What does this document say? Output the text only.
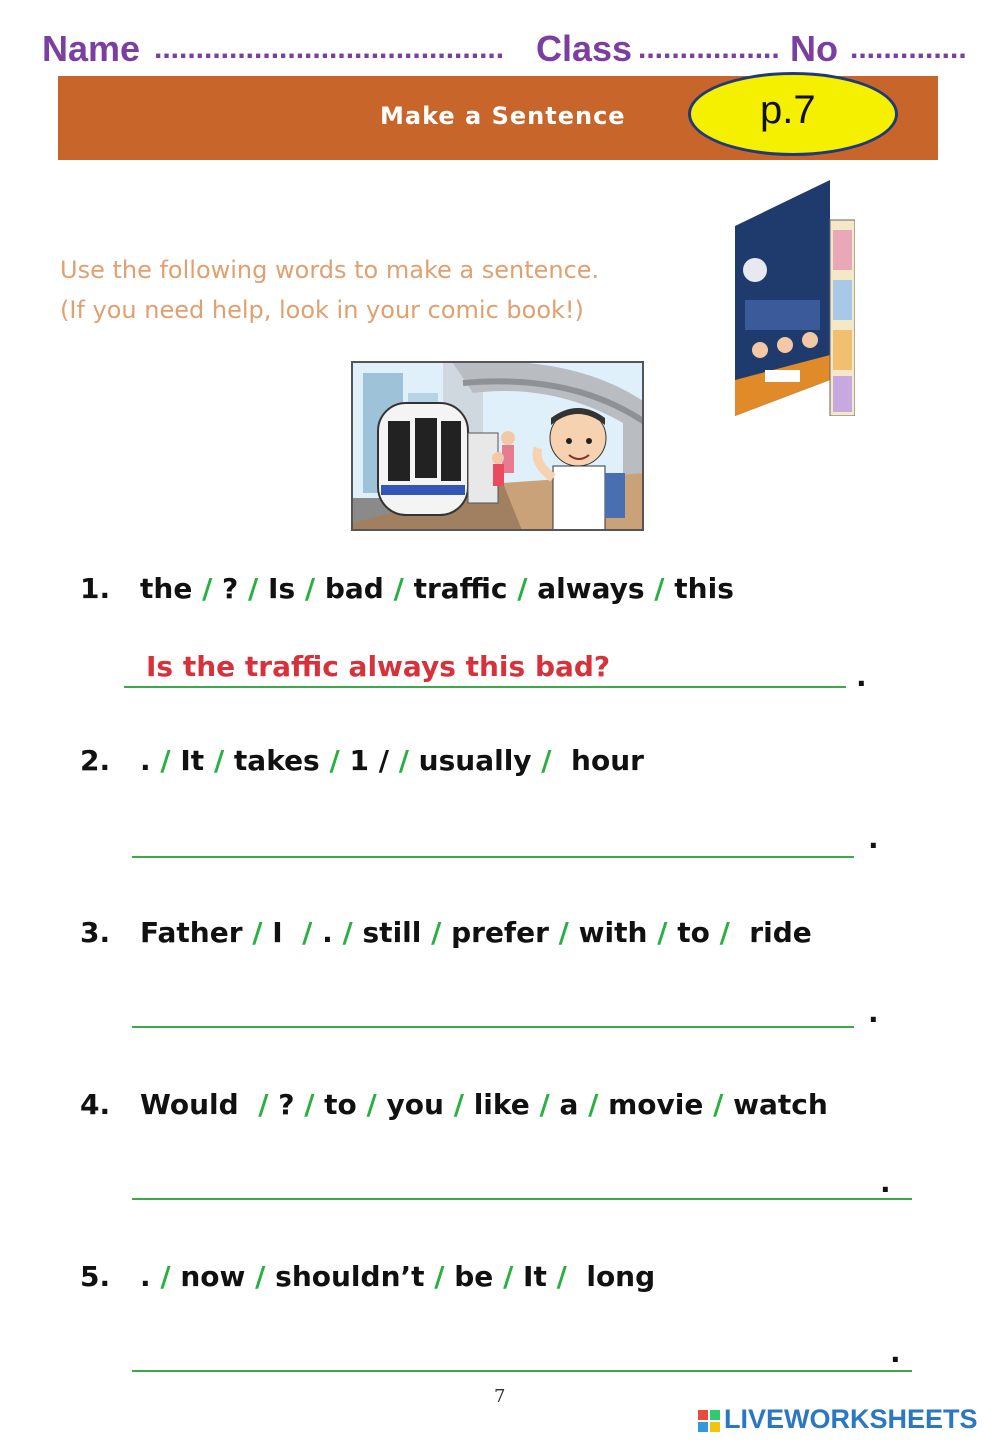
Name .......................................... Class ................. No ..............
Make a Sentence	p.7
Use the following words to make a sentence.
(If you need help, look in your comic book!)
1. the / ? / Is / bad / traffic / always / this
Is the traffic always this bad?	.
2. . / It / takes / 1 / / usually /  hour
.
3. Father / I  / . / still / prefer / with / to /  ride
.
4. Would  / ? / to / you / like / a / movie / watch
.
5. . / now / shouldn’t / be / It /  long
.
7
LIVEWORKSHEETS
